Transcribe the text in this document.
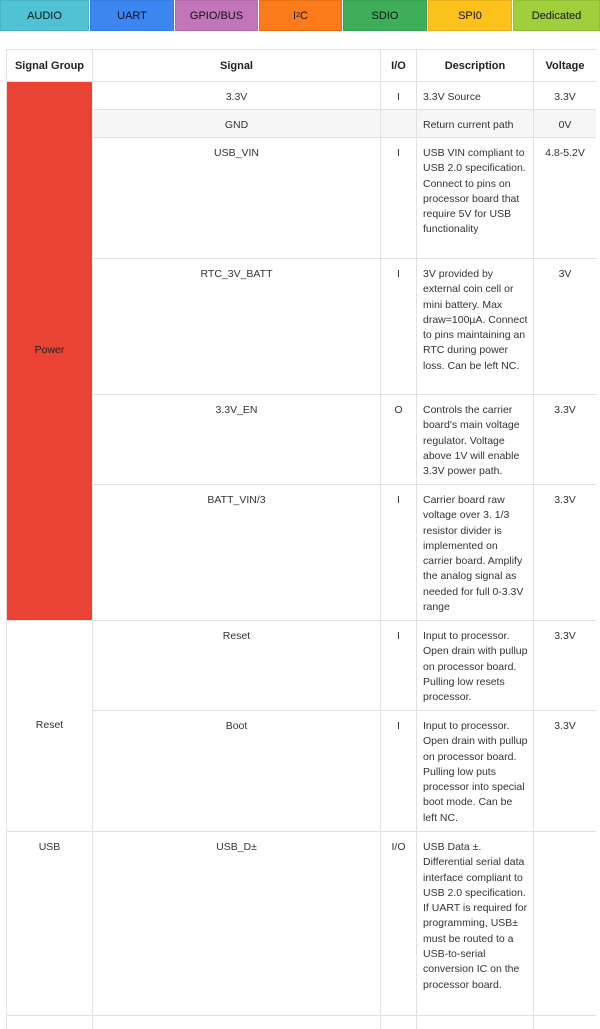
AUDIO	UART	GPIO/BUS	I 2 C	SDIO	SPI0	Dedicated
Signal Group	Signal	I/O	Description	Voltage
Power	3.3V	I	3.3V Source	3.3V
	GND		Return current path	0V
	USB_VIN	I	USB VIN compliant to USB 2.0 specification. Connect to pins on processor board that require 5V for USB functionality	4.8-5.2V
	RTC_3V_BATT	I	3V provided by external coin cell or mini battery. Max draw=100µA. Connect to pins maintaining an RTC during power loss. Can be left NC.	3V
	3.3V_EN	O	Controls the carrier board's main voltage regulator. Voltage above 1V will enable 3.3V power path.	3.3V
	BATT_VIN/3	I	Carrier board raw voltage over 3. 1/3 resistor divider is implemented on carrier board. Amplify the analog signal as needed for full 0-3.3V range	3.3V
Reset	Reset	I	Input to processor. Open drain with pullup on processor board. Pulling low resets processor.	3.3V
	Boot	I	Input to processor. Open drain with pullup on processor board. Pulling low puts processor into special boot mode. Can be left NC.	3.3V
USB	USB_D±	I/O	USB Data ±. Differential serial data interface compliant to USB 2.0 specification. If UART is required for programming, USB± must be routed to a USB-to-serial conversion IC on the processor board.	
